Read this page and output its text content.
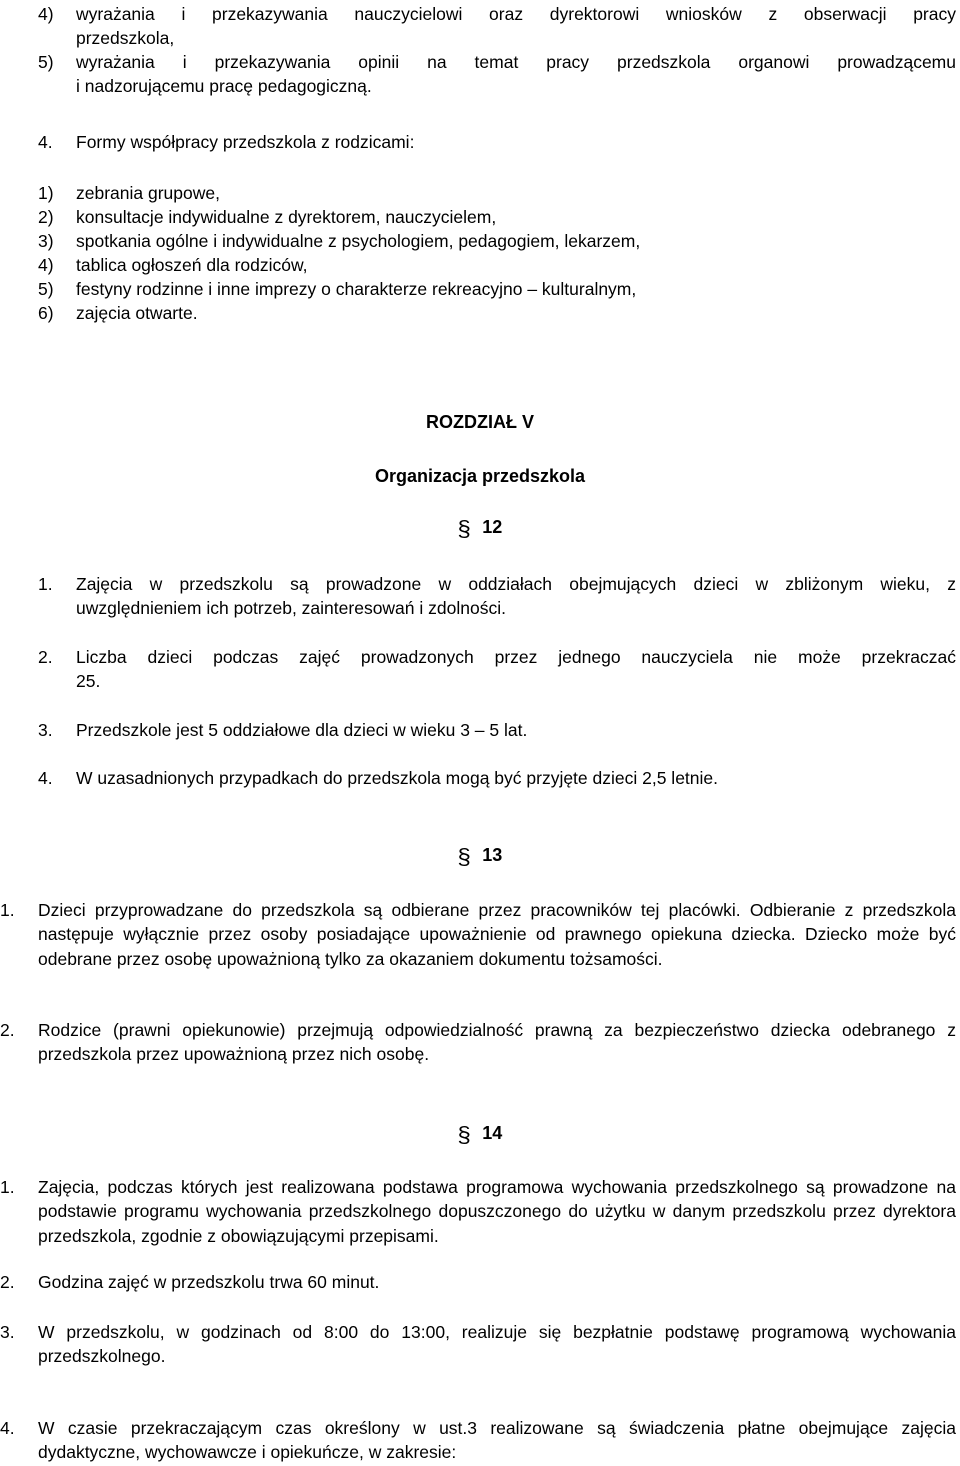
4) wyrażania i przekazywania nauczycielowi oraz dyrektorowi wniosków z obserwacji pracy
przedszkola,
5) wyrażania i przekazywania opinii na temat pracy przedszkola organowi prowadzącemu
i nadzorującemu pracę pedagogiczną.
4. Formy współpracy przedszkola z rodzicami:
1) zebrania grupowe,
2) konsultacje indywidualne z dyrektorem, nauczycielem,
3) spotkania ogólne i indywidualne z psychologiem, pedagogiem, lekarzem,
4) tablica ogłoszeń dla rodziców,
5) festyny rodzinne i inne imprezy o charakterze rekreacyjno – kulturalnym,
6) zajęcia otwarte.
ROZDZIAŁ V
Organizacja przedszkola
§ 12
1. Zajęcia w przedszkolu są prowadzone w oddziałach obejmujących dzieci w zbliżonym wieku, z
uwzględnieniem ich potrzeb, zainteresowań i zdolności.
2. Liczba dzieci podczas zajęć prowadzonych przez jednego nauczyciela nie może przekraczać
25.
3. Przedszkole jest 5 oddziałowe dla dzieci w wieku 3 – 5 lat.
4. W uzasadnionych przypadkach do przedszkola mogą być przyjęte dzieci 2,5 letnie.
§ 13
1. Dzieci przyprowadzane do przedszkola są odbierane przez pracowników tej placówki. Odbieranie z przedszkola następuje wyłącznie przez osoby posiadające upoważnienie od prawnego opiekuna dziecka. Dziecko może być odebrane przez osobę upoważnioną tylko za okazaniem dokumentu tożsamości.
2. Rodzice (prawni opiekunowie) przejmują odpowiedzialność prawną za bezpieczeństwo dziecka odebranego z przedszkola przez upoważnioną przez nich osobę.
§ 14
1. Zajęcia, podczas których jest realizowana podstawa programowa wychowania przedszkolnego są prowadzone na podstawie programu wychowania przedszkolnego dopuszczonego do użytku w danym przedszkolu przez dyrektora przedszkola, zgodnie z obowiązującymi przepisami.
2. Godzina zajęć w przedszkolu trwa 60 minut.
3. W przedszkolu, w godzinach od 8:00 do 13:00, realizuje się bezpłatnie podstawę programową wychowania przedszkolnego.
4. W czasie przekraczającym czas określony w ust.3 realizowane są świadczenia płatne obejmujące zajęcia dydaktyczne, wychowawcze i opiekuńcze, w zakresie:
